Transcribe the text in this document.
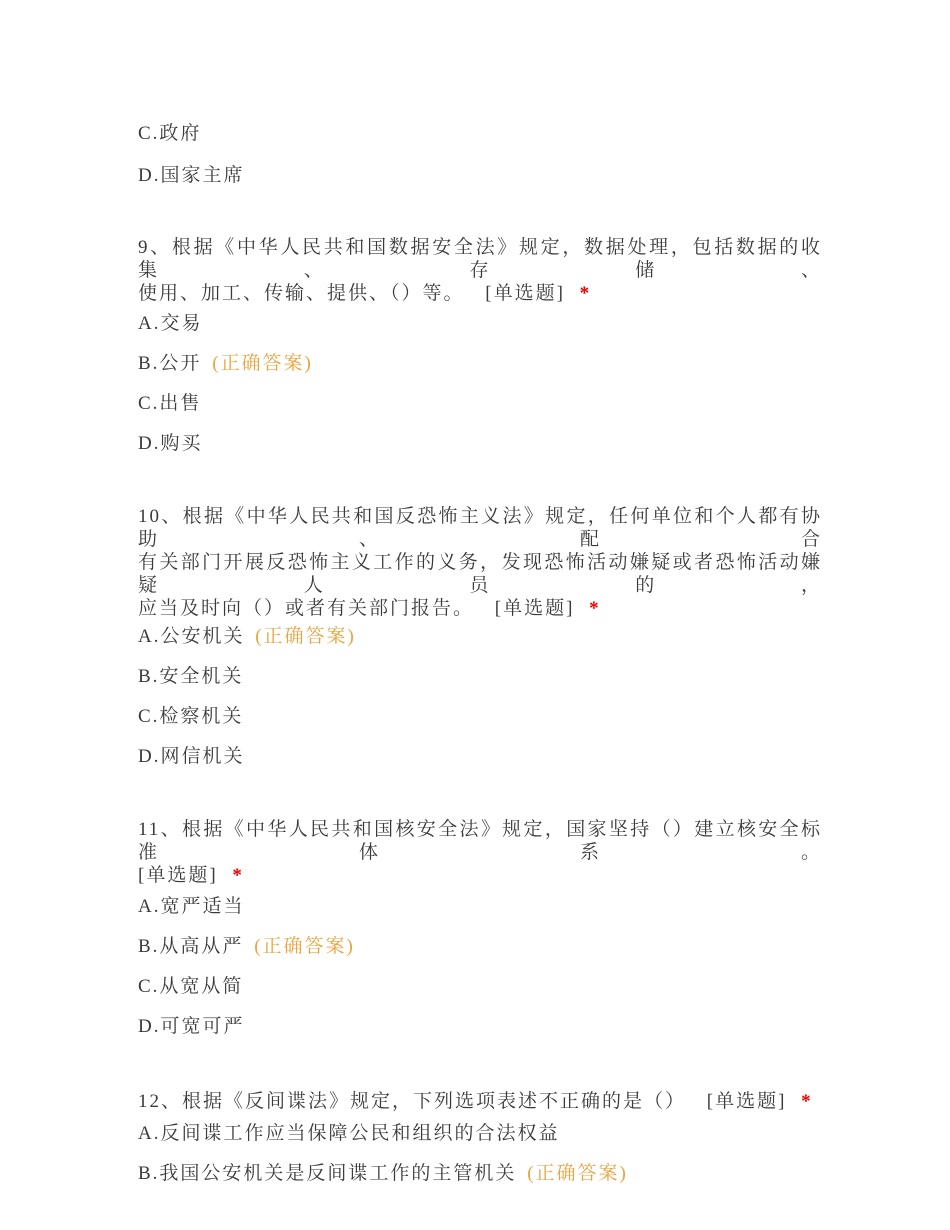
C.政府

D.国家主席

9、根据《中华人民共和国数据安全法》规定，数据处理，包括数据的收集、存储、
使用、加工、传输、提供、（）等。 [单选题] *

A.交易

B.公开 (正确答案)

C.出售

D.购买

10、根据《中华人民共和国反恐怖主义法》规定，任何单位和个人都有协助、配合
有关部门开展反恐怖主义工作的义务，发现恐怖活动嫌疑或者恐怖活动嫌疑人员的，
应当及时向（）或者有关部门报告。 [单选题] *

A.公安机关 (正确答案)

B.安全机关

C.检察机关

D.网信机关

11、根据《中华人民共和国核安全法》规定，国家坚持（）建立核安全标准体系。
[单选题] *

A.宽严适当

B.从高从严 (正确答案)

C.从宽从简

D.可宽可严

12、根据《反间谍法》规定，下列选项表述不正确的是（） [单选题] *

A.反间谍工作应当保障公民和组织的合法权益

B.我国公安机关是反间谍工作的主管机关 (正确答案)
